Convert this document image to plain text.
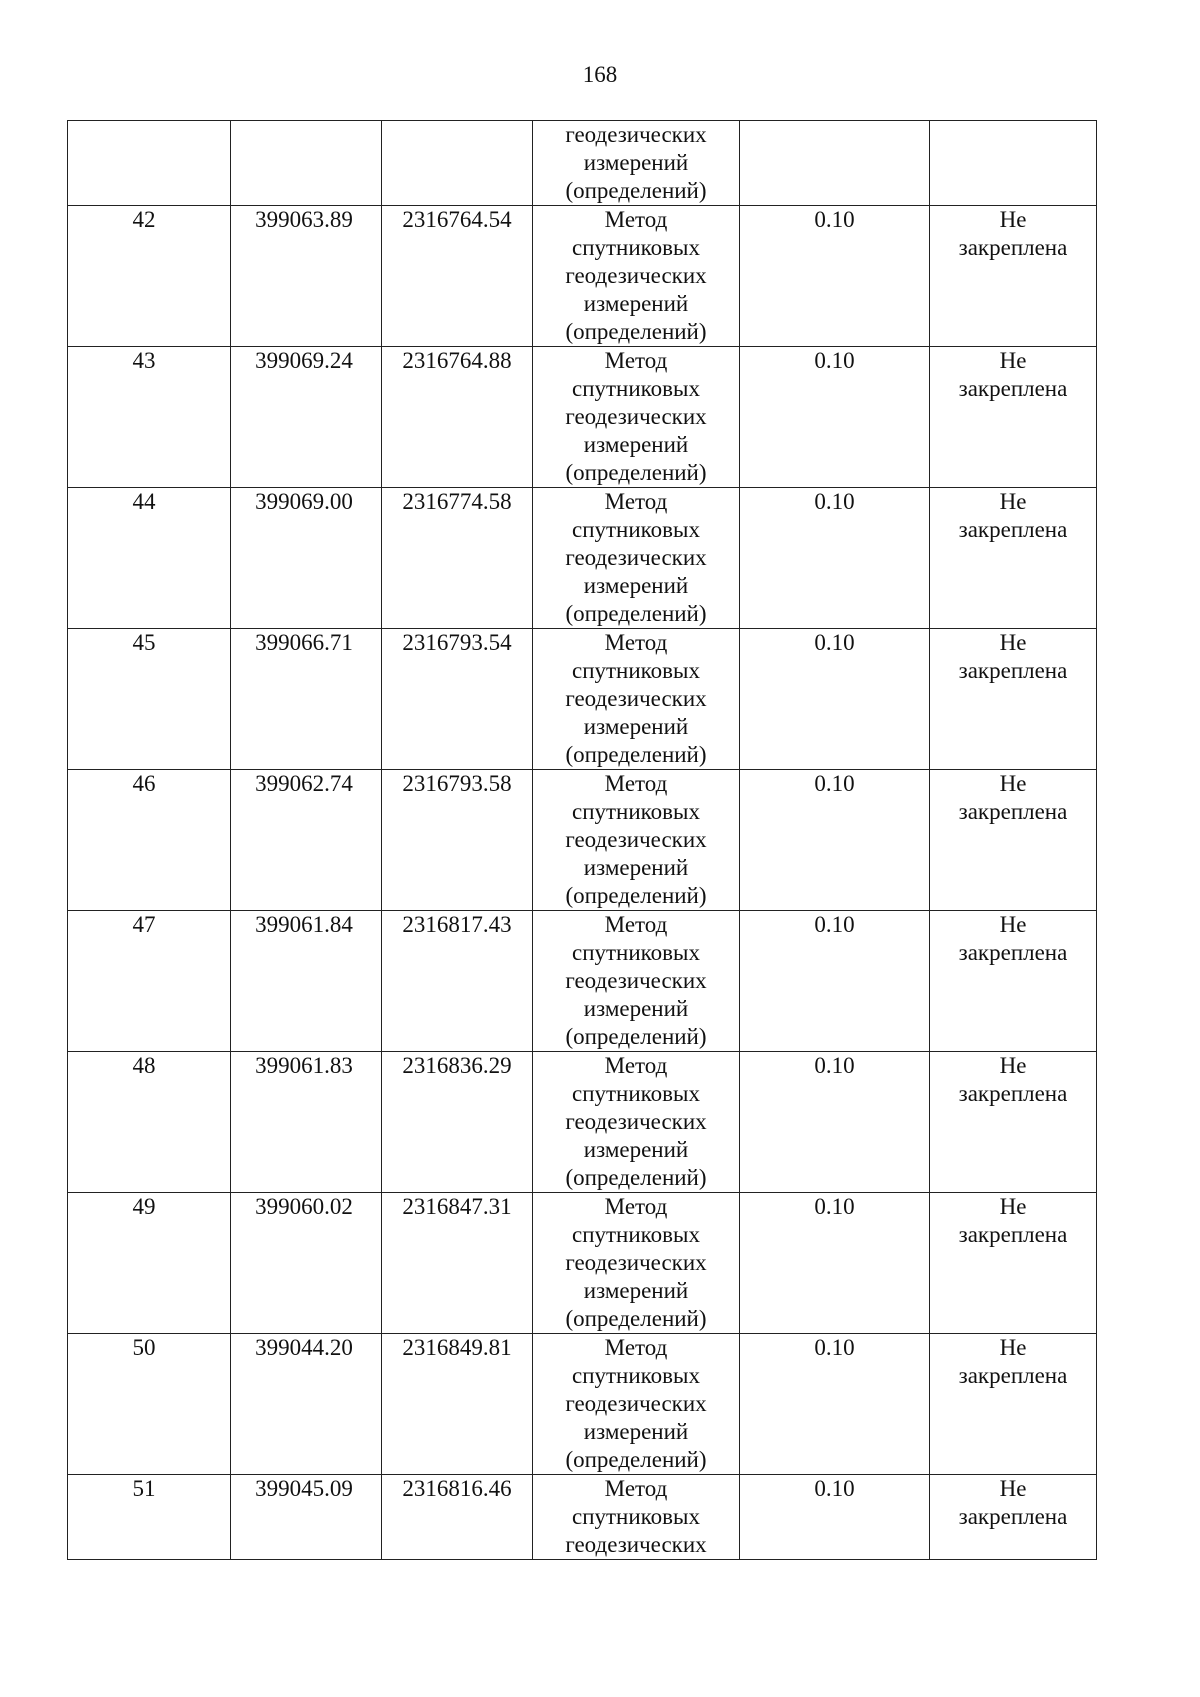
168
			геодезических
измерений
(определений)		
42	399063.89	2316764.54	Метод
спутниковых
геодезических
измерений
(определений)	0.10	Не
закреплена
43	399069.24	2316764.88	Метод
спутниковых
геодезических
измерений
(определений)	0.10	Не
закреплена
44	399069.00	2316774.58	Метод
спутниковых
геодезических
измерений
(определений)	0.10	Не
закреплена
45	399066.71	2316793.54	Метод
спутниковых
геодезических
измерений
(определений)	0.10	Не
закреплена
46	399062.74	2316793.58	Метод
спутниковых
геодезических
измерений
(определений)	0.10	Не
закреплена
47	399061.84	2316817.43	Метод
спутниковых
геодезических
измерений
(определений)	0.10	Не
закреплена
48	399061.83	2316836.29	Метод
спутниковых
геодезических
измерений
(определений)	0.10	Не
закреплена
49	399060.02	2316847.31	Метод
спутниковых
геодезических
измерений
(определений)	0.10	Не
закреплена
50	399044.20	2316849.81	Метод
спутниковых
геодезических
измерений
(определений)	0.10	Не
закреплена
51	399045.09	2316816.46	Метод
спутниковых
геодезических	0.10	Не
закреплена
